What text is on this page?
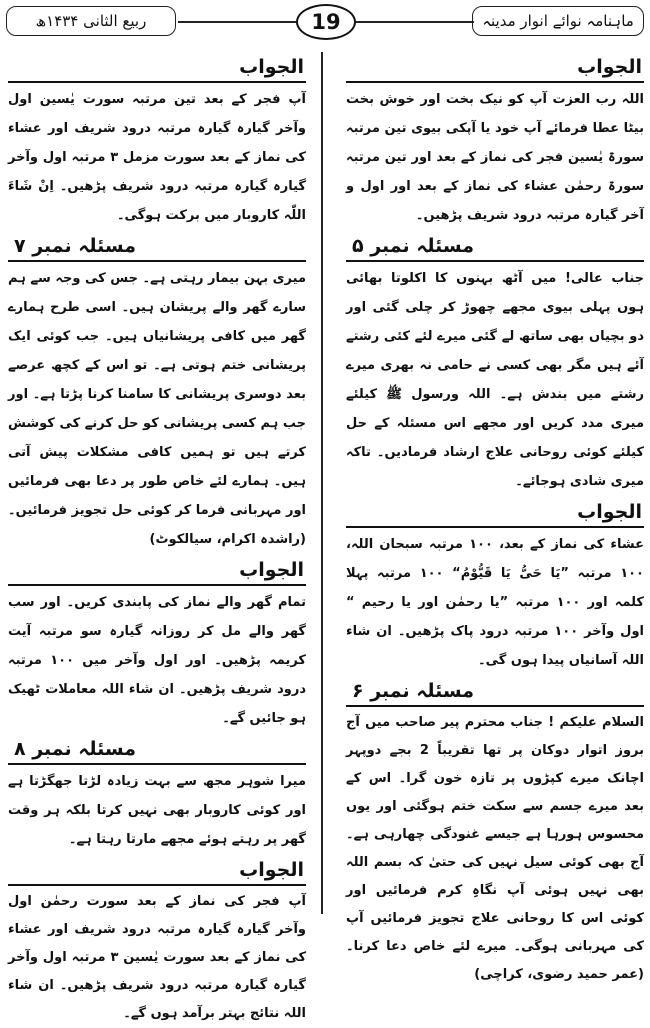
ماہنامہ نوائے انوار مدینہ
19
ربیع الثانی ۱۴۳۴ھ
الجواب

اللہ رب العزت آپ کو نیک بخت اور خوش بخت بیٹا عطا فرمائے آپ خود یا آپکی بیوی تین مرتبہ سورۃ یٰسین فجر کی نماز کے بعد اور تین مرتبہ سورۃ رحمٰن عشاء کی نماز کے بعد اور اول و آخر گیارہ مرتبہ درود شریف پڑھیں۔

مسئلہ نمبر ۵

جناب عالی! میں آٹھ بہنوں کا اکلوتا بھائی ہوں پہلی بیوی مجھے چھوڑ کر چلی گئی اور دو بچیاں بھی ساتھ لے گئی میرے لئے کئی رشتے آئے ہیں مگر بھی کسی نے حامی نہ بھری میرے رشتے میں بندش ہے۔ اللہ ورسول ﷺ کیلئے میری مدد کریں اور مجھے اس مسئلہ کے حل کیلئے کوئی روحانی علاج ارشاد فرمادیں۔ تاکہ میری شادی ہوجائے۔

الجواب

عشاء کی نماز کے بعد، ۱۰۰ مرتبہ سبحان اللہ، ۱۰۰ مرتبہ ”یَا حَیُّ یَا قَیُّوْمُ“ ۱۰۰ مرتبہ پہلا کلمہ اور ۱۰۰ مرتبہ ”یا رحمٰن اور یا رحیم “ اول وآخر ۱۰۰ مرتبہ درود پاک پڑھیں۔ ان شاء اللہ آسانیاں پیدا ہوں گی۔

مسئلہ نمبر ۶

السلام علیکم ! جناب محترم پیر صاحب میں آج بروز اتوار دوکان پر تھا تقریباً 2 بجے دوپہر اچانک میرے کپڑوں پر تازہ خون گرا۔ اس کے بعد میرے جسم سے سکت ختم ہوگئی اور یوں محسوس ہورہا ہے جیسے غنودگی چھارہی ہے۔ آج بھی کوئی سیل نہیں کی حتیٰ کہ بسم اللہ بھی نہیں ہوئی آپ نگاہِ کرم فرمائیں اور کوئی اس کا روحانی علاج تجویز فرمائیں آپ کی مہربانی ہوگی۔ میرے لئے خاص دعا کرنا۔ (عمر حمید رضوی، کراچی)

الجواب

آپ فجر کے بعد تین مرتبہ سورت یٰسین اول وآخر گیارہ گیارہ مرتبہ درود شریف اور عشاء کی نماز کے بعد سورت مزمل ۳ مرتبہ اول وآخر گیارہ گیارہ مرتبہ درود شریف پڑھیں۔ اِنْ شَاءَ اللّٰہ کاروبار میں برکت ہوگی۔

مسئلہ نمبر ۷

میری بہن بیمار رہتی ہے۔ جس کی وجہ سے ہم سارے گھر والے پریشان ہیں۔ اسی طرح ہمارے گھر میں کافی پریشانیاں ہیں۔ جب کوئی ایک پریشانی ختم ہوتی ہے۔ تو اس کے کچھ عرصے بعد دوسری پریشانی کا سامنا کرنا پڑتا ہے۔ اور جب ہم کسی پریشانی کو حل کرنے کی کوشش کرتے ہیں تو ہمیں کافی مشکلات پیش آتی ہیں۔ ہمارے لئے خاص طور پر دعا بھی فرمائیں اور مہربانی فرما کر کوئی حل تجویز فرمائیں۔ (راشدہ اکرام، سیالکوٹ)

الجواب

تمام گھر والے نماز کی پابندی کریں۔ اور سب گھر والے مل کر روزانہ گیارہ سو مرتبہ آیت کریمہ پڑھیں۔ اور اول وآخر میں ۱۰۰ مرتبہ درود شریف پڑھیں۔ ان شاء اللہ معاملات ٹھیک ہو جائیں گے۔

مسئلہ نمبر ۸

میرا شوہر مجھ سے بہت زیادہ لڑتا جھگڑتا ہے اور کوئی کاروبار بھی نہیں کرتا بلکہ ہر وقت گھر پر رہتے ہوئے مجھے مارتا رہتا ہے۔

الجواب

آپ فجر کی نماز کے بعد سورت رحمٰن اول وآخر گیارہ گیارہ مرتبہ درود شریف اور عشاء کی نماز کے بعد سورت یٰسین ۳ مرتبہ اول وآخر گیارہ گیارہ مرتبہ درود شریف پڑھیں۔ ان شاء اللہ نتائج بہتر برآمد ہوں گے۔
